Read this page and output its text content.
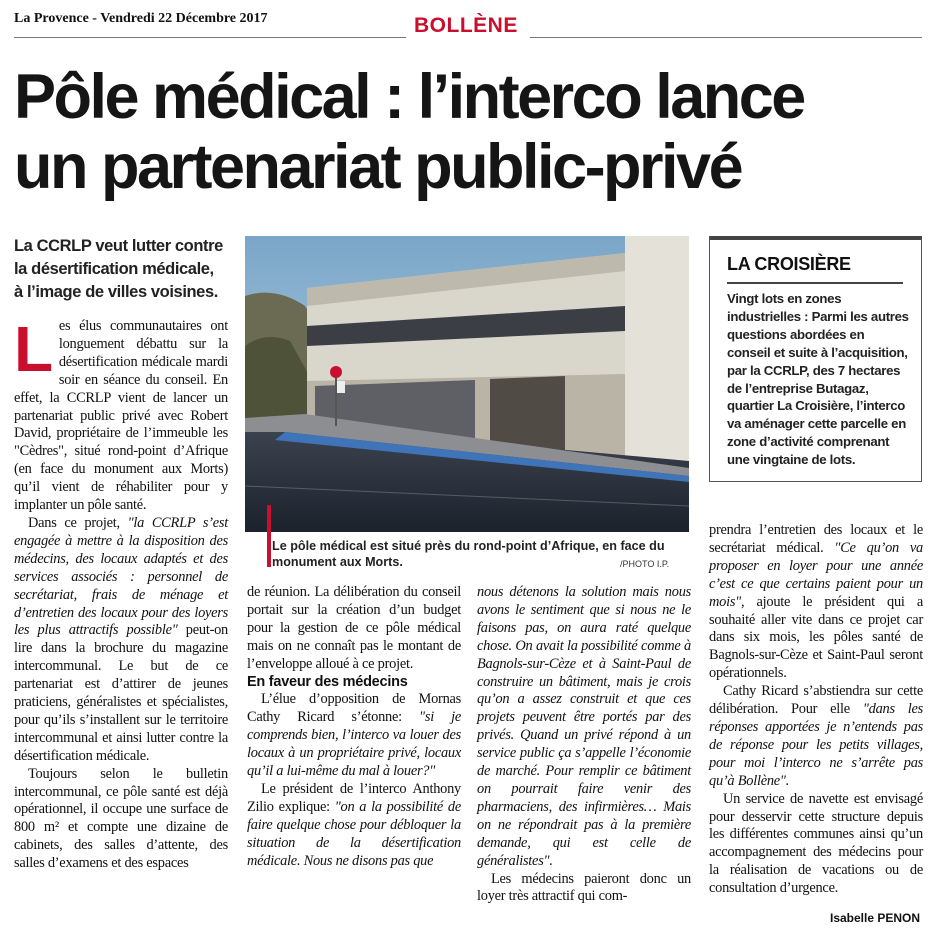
La Provence - Vendredi 22 Décembre 2017	BOLLÈNE
Pôle médical : l’interco lance
un partenariat public-privé
La CCRLP veut lutter contre
la désertification médicale,
à l’image de villes voisines.

Les élus communautaires ont longuement débattu sur la désertification médicale mardi soir en séance du conseil. En effet, la CCRLP vient de lancer un partenariat public privé avec Robert David, propriétaire de l’immeuble les "Cèdres", situé rond-point d’Afrique (en face du monument aux Morts) qu’il vient de réhabiliter pour y implanter un pôle santé.

Dans ce projet, "la CCRLP s’est engagée à mettre à la disposition des médecins, des locaux adaptés et des services associés : personnel de secrétariat, frais de ménage et d’entretien des locaux pour des loyers les plus attractifs possible" peut-on lire dans la brochure du magazine intercommunal. Le but de ce partenariat est d’attirer de jeunes praticiens, généralistes et spécialistes, pour qu’ils s’installent sur le territoire intercommunal et ainsi lutter contre la désertification médicale.

Toujours selon le bulletin intercommunal, ce pôle santé est déjà opérationnel, il occupe une surface de 800 m² et compte une dizaine de cabinets, des salles d’attente, des salles d’examens et des espaces

Le pôle médical est situé près du rond-point d’Afrique, en face du monument aux Morts.	/PHOTO I.P.
LA CROISIÈRE
Vingt lots en zones industrielles : Parmi les autres questions abordées en conseil et suite à l’acquisition, par la CCRLP, des 7 hectares de l’entreprise Butagaz, quartier La Croisière, l’interco va aménager cette parcelle en zone d’activité comprenant une vingtaine de lots.

de réunion. La délibération du conseil portait sur la création d’un budget pour la gestion de ce pôle médical mais on ne connaît pas le montant de l’enveloppe alloué à ce projet.

En faveur des médecins

L’élue d’opposition de Mornas Cathy Ricard s’étonne: "si je comprends bien, l’interco va louer des locaux à un propriétaire privé, locaux qu’il a lui-même du mal à louer?"

Le président de l’interco Anthony Zilio explique: "on a la possibilité de faire quelque chose pour débloquer la situation de la désertification médicale. Nous ne disons pas que

nous détenons la solution mais nous avons le sentiment que si nous ne le faisons pas, on aura raté quelque chose. On avait la possibilité comme à Bagnols-sur-Cèze et à Saint-Paul de construire un bâtiment, mais je crois qu’on a assez construit et que ces projets peuvent être portés par des privés. Quand un privé répond à un service public ça s’appelle l’économie de marché. Pour remplir ce bâtiment on pourrait faire venir des pharmaciens, des infirmières… Mais on ne répondrait pas à la première demande, qui est celle de généralistes".

Les médecins paieront donc un loyer très attractif qui com-

prendra l’entretien des locaux et le secrétariat médical. "Ce qu’on va proposer en loyer pour une année c’est ce que certains paient pour un mois", ajoute le président qui a souhaité aller vite dans ce projet car dans six mois, les pôles santé de Bagnols-sur-Cèze et Saint-Paul seront opérationnels.

Cathy Ricard s’abstiendra sur cette délibération. Pour elle "dans les réponses apportées je n’entends pas de réponse pour les petits villages, pour moi l’interco ne s’arrête pas qu’à Bollène".

Un service de navette est envisagé pour desservir cette structure depuis les différentes communes ainsi qu’un accompagnement des médecins pour la réalisation de vacations ou de consultation d’urgence.

Isabelle PENON
